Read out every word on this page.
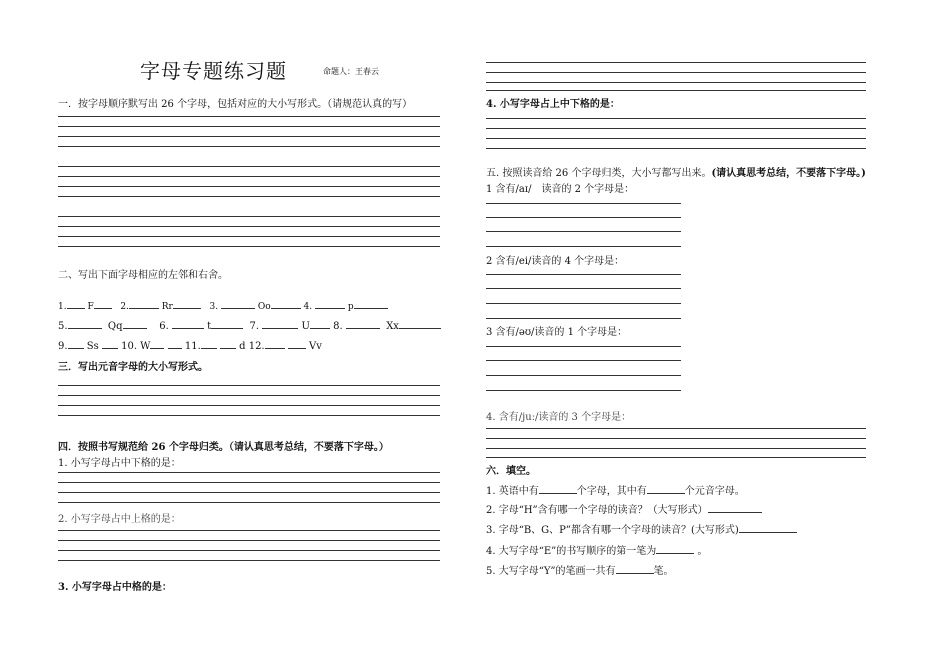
字母专题练习题	命题人：王春云
一．按字母顺序默写出 26 个字母，包括对应的大小写形式。（请规范认真的写）
二、写出下面字母相应的左邻和右舍。
1. F	2.	Rr	3.	Oo	4.	p
5.	Qq	6.	t	7.	U 8.	Xx
9. Ss 10. W	11.	d 12.	Vv
三．写出元音字母的大小写形式。
四．按照书写规范给 26 个字母归类。（请认真思考总结，不要落下字母。）
1. 小写字母占中下格的是：
2. 小写字母占中上格的是：
3. 小写字母占中格的是：
4. 小写字母占上中下格的是：
五. 按照读音给 26 个字母归类，大小写都写出来。(请认真思考总结，不要落下字母。)
1 含有/aɪ/　读音的 2 个字母是：
2 含有/ei/读音的 4 个字母是：
3 含有/əʊ/读音的 1 个字母是：
4. 含有/juː/读音的 3 个字母是：
六．填空。
1. 英语中有	个字母，其中有	个元音字母。
2. 字母“H”含有哪一个字母的读音？（大写形式）
3. 字母“B、G、P”都含有哪一个字母的读音？(大写形式)
4. 大写字母“E”的书写顺序的第一笔为	。
5. 大写字母“Y”的笔画一共有	笔。
